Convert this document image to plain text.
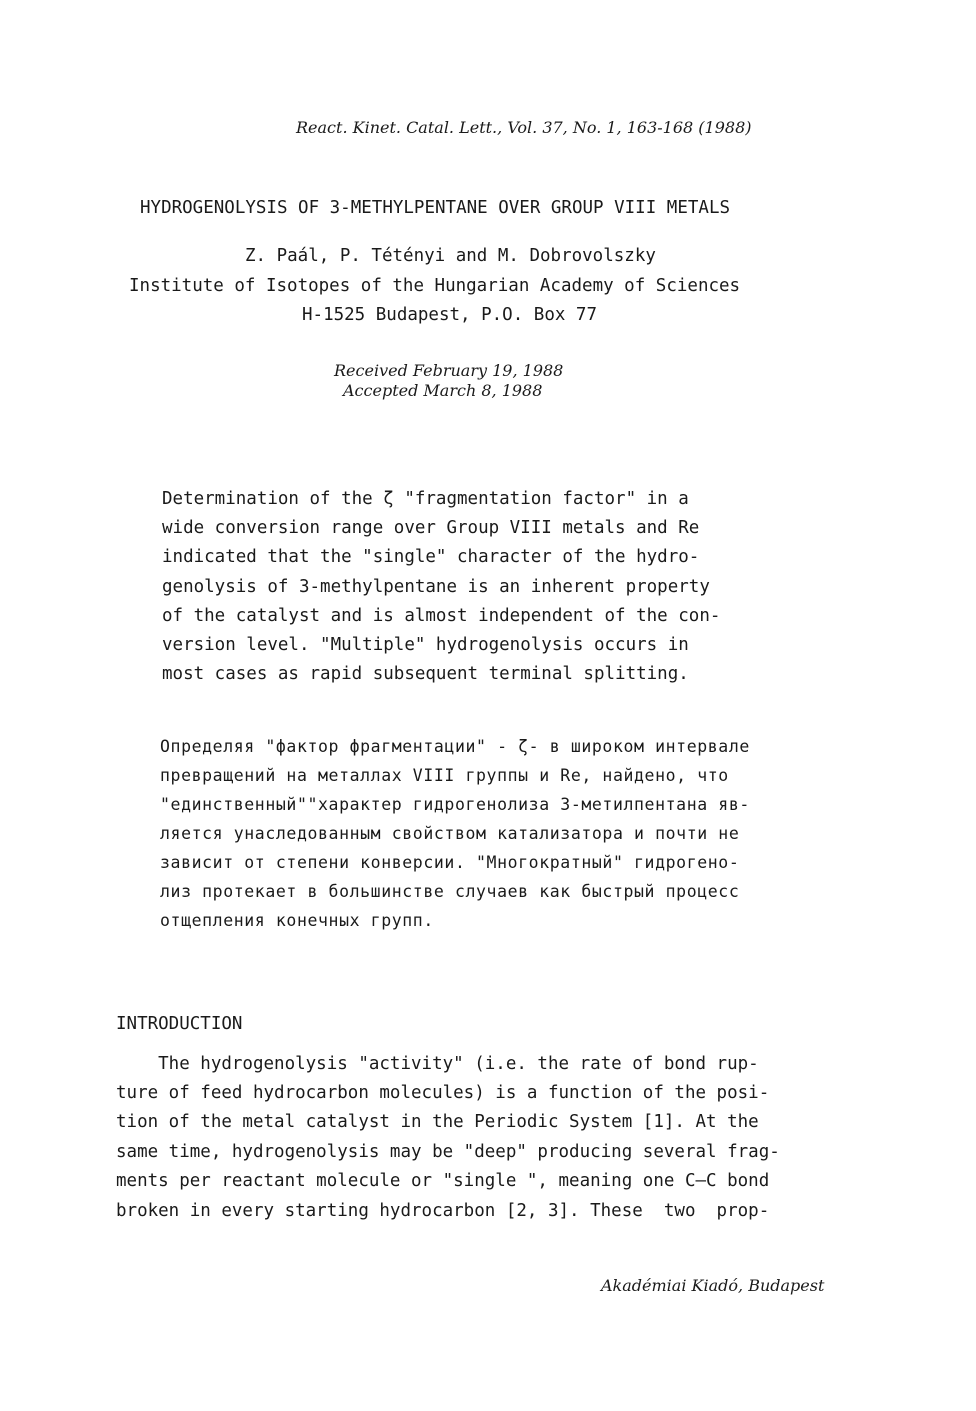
React. Kinet. Catal. Lett., Vol. 37, No. 1, 163-168 (1988)
HYDROGENOLYSIS OF 3-METHYLPENTANE OVER GROUP VIII METALS
Z. Paál, P. Tétényi and M. Dobrovolszky
Institute of Isotopes of the Hungarian Academy of Sciences
H-1525 Budapest, P.O. Box 77
Received February 19, 1988
Accepted March 8, 1988
Determination of the ζ "fragmentation factor" in a
wide conversion range over Group VIII metals and Re
indicated that the "single" character of the hydro-
genolysis of 3-methylpentane is an inherent property
of the catalyst and is almost independent of the con-
version level. "Multiple" hydrogenolysis occurs in
most cases as rapid subsequent terminal splitting.
Определяя "фактор фрагментации" - ζ- в широком интервале
превращений на металлах VIII группы и Re, найдено, что
"единственный""характер гидрогенолиза 3-метилпентана яв-
ляется унаследованным свойством катализатора и почти не
зависит от степени конверсии. "Многократный" гидрогено-
лиз протекает в большинстве случаев как быстрый процесс
отщепления конечных групп.
INTRODUCTION
The hydrogenolysis "activity" (i.e. the rate of bond rup-
ture of feed hydrocarbon molecules) is a function of the posi-
tion of the metal catalyst in the Periodic System [1]. At the
same time, hydrogenolysis may be "deep" producing several frag-
ments per reactant molecule or "single ", meaning one C—C bond
broken in every starting hydrocarbon [2, 3]. These  two  prop-
Akadémiai Kiadó, Budapest
